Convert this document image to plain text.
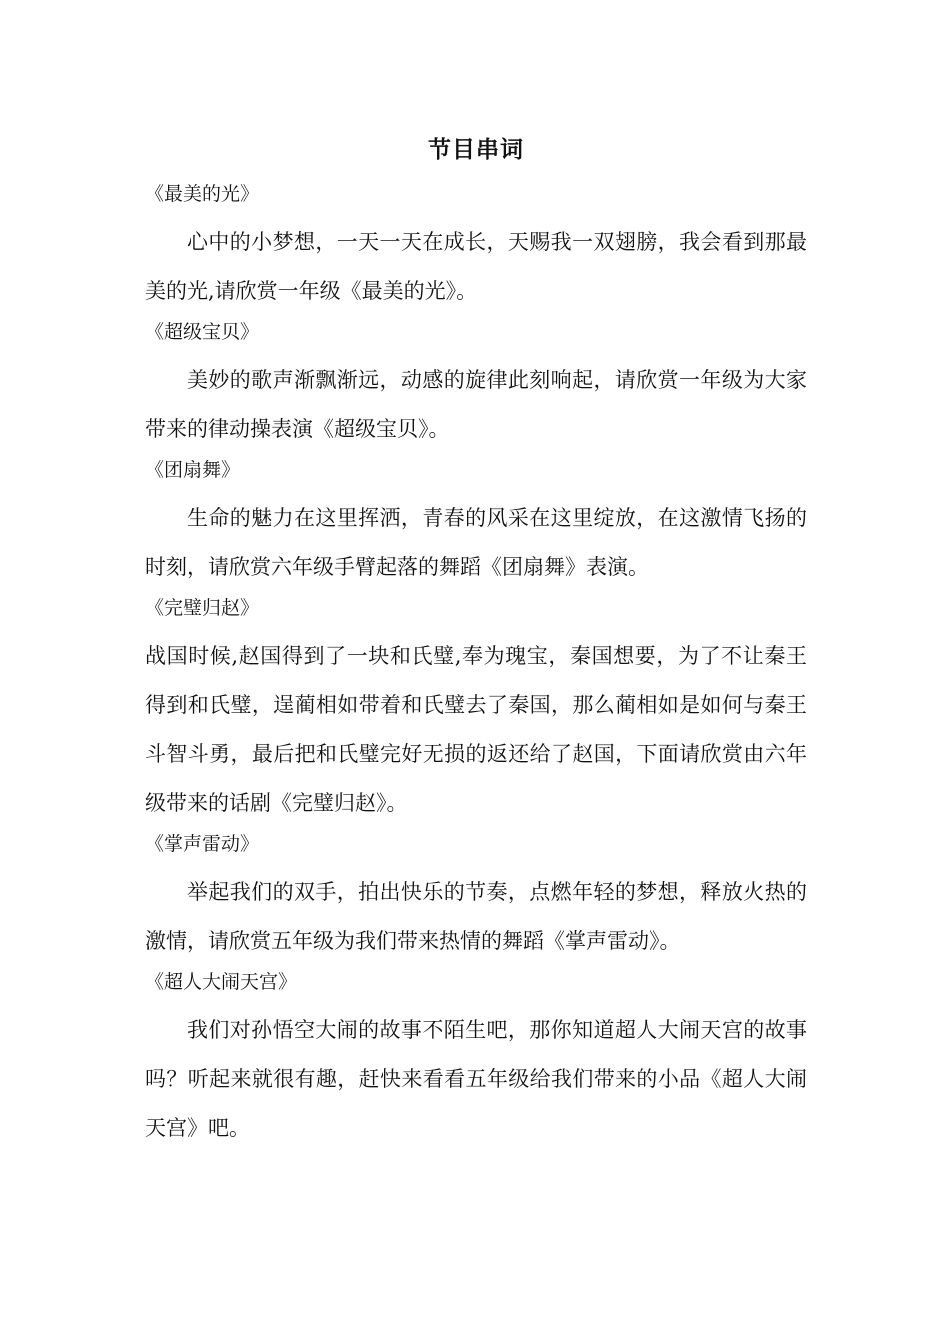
节目串词
《最美的光》
心中的小梦想，一天一天在成长，天赐我一双翅膀，我会看到那最美的光,请欣赏一年级《最美的光》。
《超级宝贝》
美妙的歌声渐飘渐远，动感的旋律此刻响起，请欣赏一年级为大家带来的律动操表演《超级宝贝》。
《团扇舞》
生命的魅力在这里挥洒，青春的风采在这里绽放，在这激情飞扬的时刻，请欣赏六年级手臂起落的舞蹈《团扇舞》表演。
《完璧归赵》
战国时候,赵国得到了一块和氏璧,奉为瑰宝，秦国想要，为了不让秦王得到和氏璧，逞蔺相如带着和氏璧去了秦国，那么蔺相如是如何与秦王斗智斗勇，最后把和氏璧完好无损的返还给了赵国，下面请欣赏由六年级带来的话剧《完璧归赵》。
《掌声雷动》
举起我们的双手，拍出快乐的节奏，点燃年轻的梦想，释放火热的激情，请欣赏五年级为我们带来热情的舞蹈《掌声雷动》。
《超人大闹天宫》
我们对孙悟空大闹的故事不陌生吧，那你知道超人大闹天宫的故事吗？听起来就很有趣，赶快来看看五年级给我们带来的小品《超人大闹天宫》吧。
